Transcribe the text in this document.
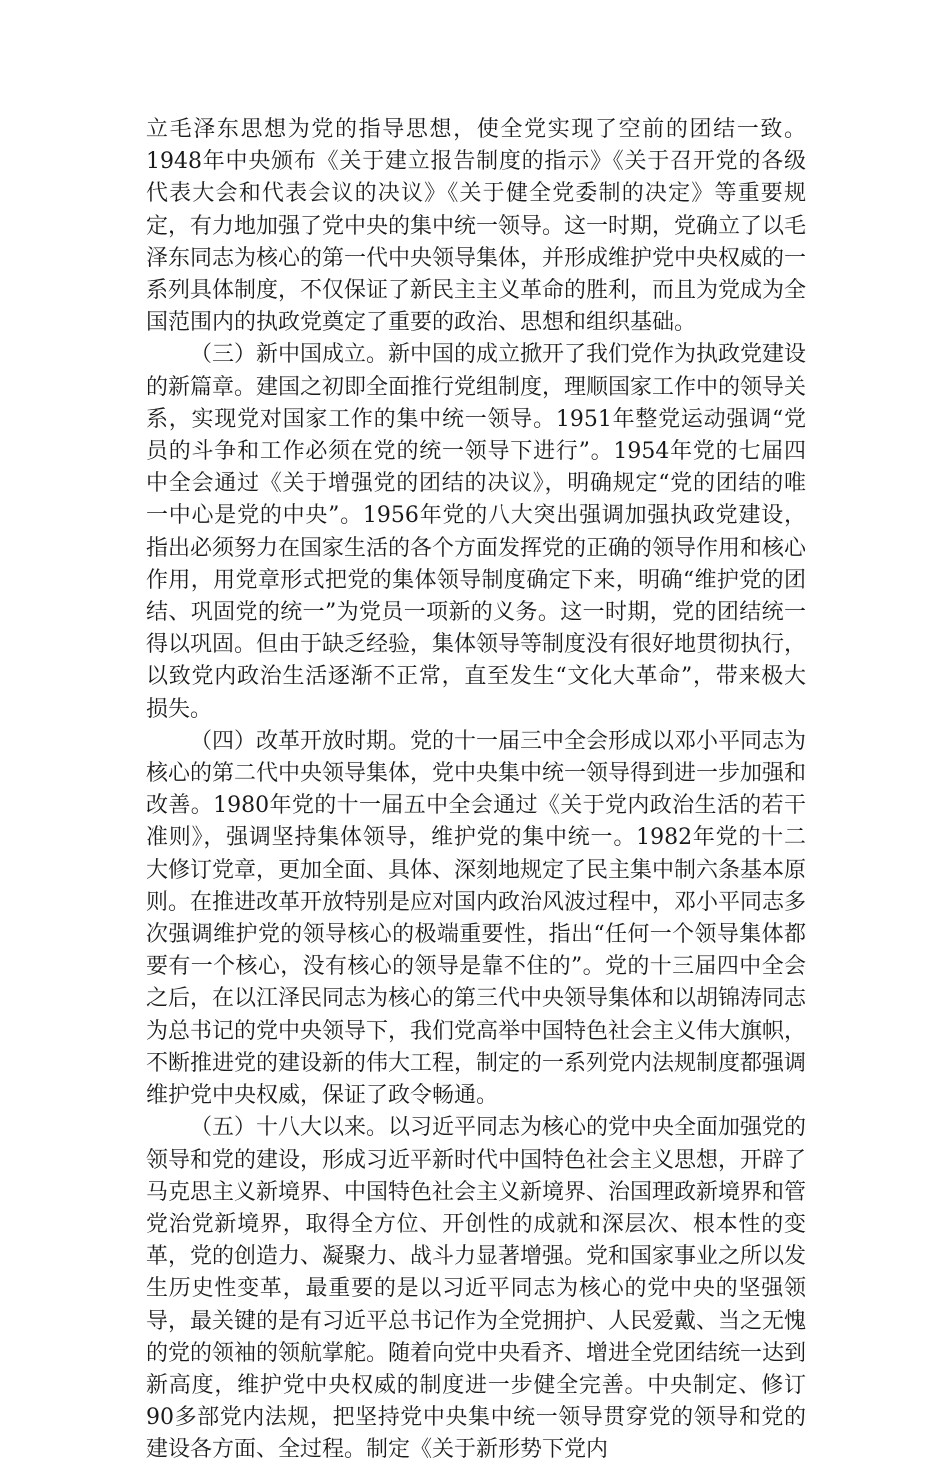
立毛泽东思想为党的指导思想，使全党实现了空前的团结一致。1948年中央颁布《关于建立报告制度的指示》《关于召开党的各级代表大会和代表会议的决议》《关于健全党委制的决定》等重要规定，有力地加强了党中央的集中统一领导。这一时期，党确立了以毛泽东同志为核心的第一代中央领导集体，并形成维护党中央权威的一系列具体制度，不仅保证了新民主主义革命的胜利，而且为党成为全国范围内的执政党奠定了重要的政治、思想和组织基础。

（三）新中国成立。新中国的成立掀开了我们党作为执政党建设的新篇章。建国之初即全面推行党组制度，理顺国家工作中的领导关系，实现党对国家工作的集中统一领导。1951年整党运动强调“党员的斗争和工作必须在党的统一领导下进行”。1954年党的七届四中全会通过《关于增强党的团结的决议》，明确规定“党的团结的唯一中心是党的中央”。1956年党的八大突出强调加强执政党建设，指出必须努力在国家生活的各个方面发挥党的正确的领导作用和核心作用，用党章形式把党的集体领导制度确定下来，明确“维护党的团结、巩固党的统一”为党员一项新的义务。这一时期，党的团结统一得以巩固。但由于缺乏经验，集体领导等制度没有很好地贯彻执行，以致党内政治生活逐渐不正常，直至发生“文化大革命”，带来极大损失。

（四）改革开放时期。党的十一届三中全会形成以邓小平同志为核心的第二代中央领导集体，党中央集中统一领导得到进一步加强和改善。1980年党的十一届五中全会通过《关于党内政治生活的若干准则》，强调坚持集体领导，维护党的集中统一。1982年党的十二大修订党章，更加全面、具体、深刻地规定了民主集中制六条基本原则。在推进改革开放特别是应对国内政治风波过程中，邓小平同志多次强调维护党的领导核心的极端重要性，指出“任何一个领导集体都要有一个核心，没有核心的领导是靠不住的”。党的十三届四中全会之后，在以江泽民同志为核心的第三代中央领导集体和以胡锦涛同志为总书记的党中央领导下，我们党高举中国特色社会主义伟大旗帜，不断推进党的建设新的伟大工程，制定的一系列党内法规制度都强调维护党中央权威，保证了政令畅通。

（五）十八大以来。以习近平同志为核心的党中央全面加强党的领导和党的建设，形成习近平新时代中国特色社会主义思想，开辟了马克思主义新境界、中国特色社会主义新境界、治国理政新境界和管党治党新境界，取得全方位、开创性的成就和深层次、根本性的变革，党的创造力、凝聚力、战斗力显著增强。党和国家事业之所以发生历史性变革，最重要的是以习近平同志为核心的党中央的坚强领导，最关键的是有习近平总书记作为全党拥护、人民爱戴、当之无愧的党的领袖的领航掌舵。随着向党中央看齐、增进全党团结统一达到新高度，维护党中央权威的制度进一步健全完善。中央制定、修订90多部党内法规，把坚持党中央集中统一领导贯穿党的领导和党的建设各方面、全过程。制定《关于新形势下党内
